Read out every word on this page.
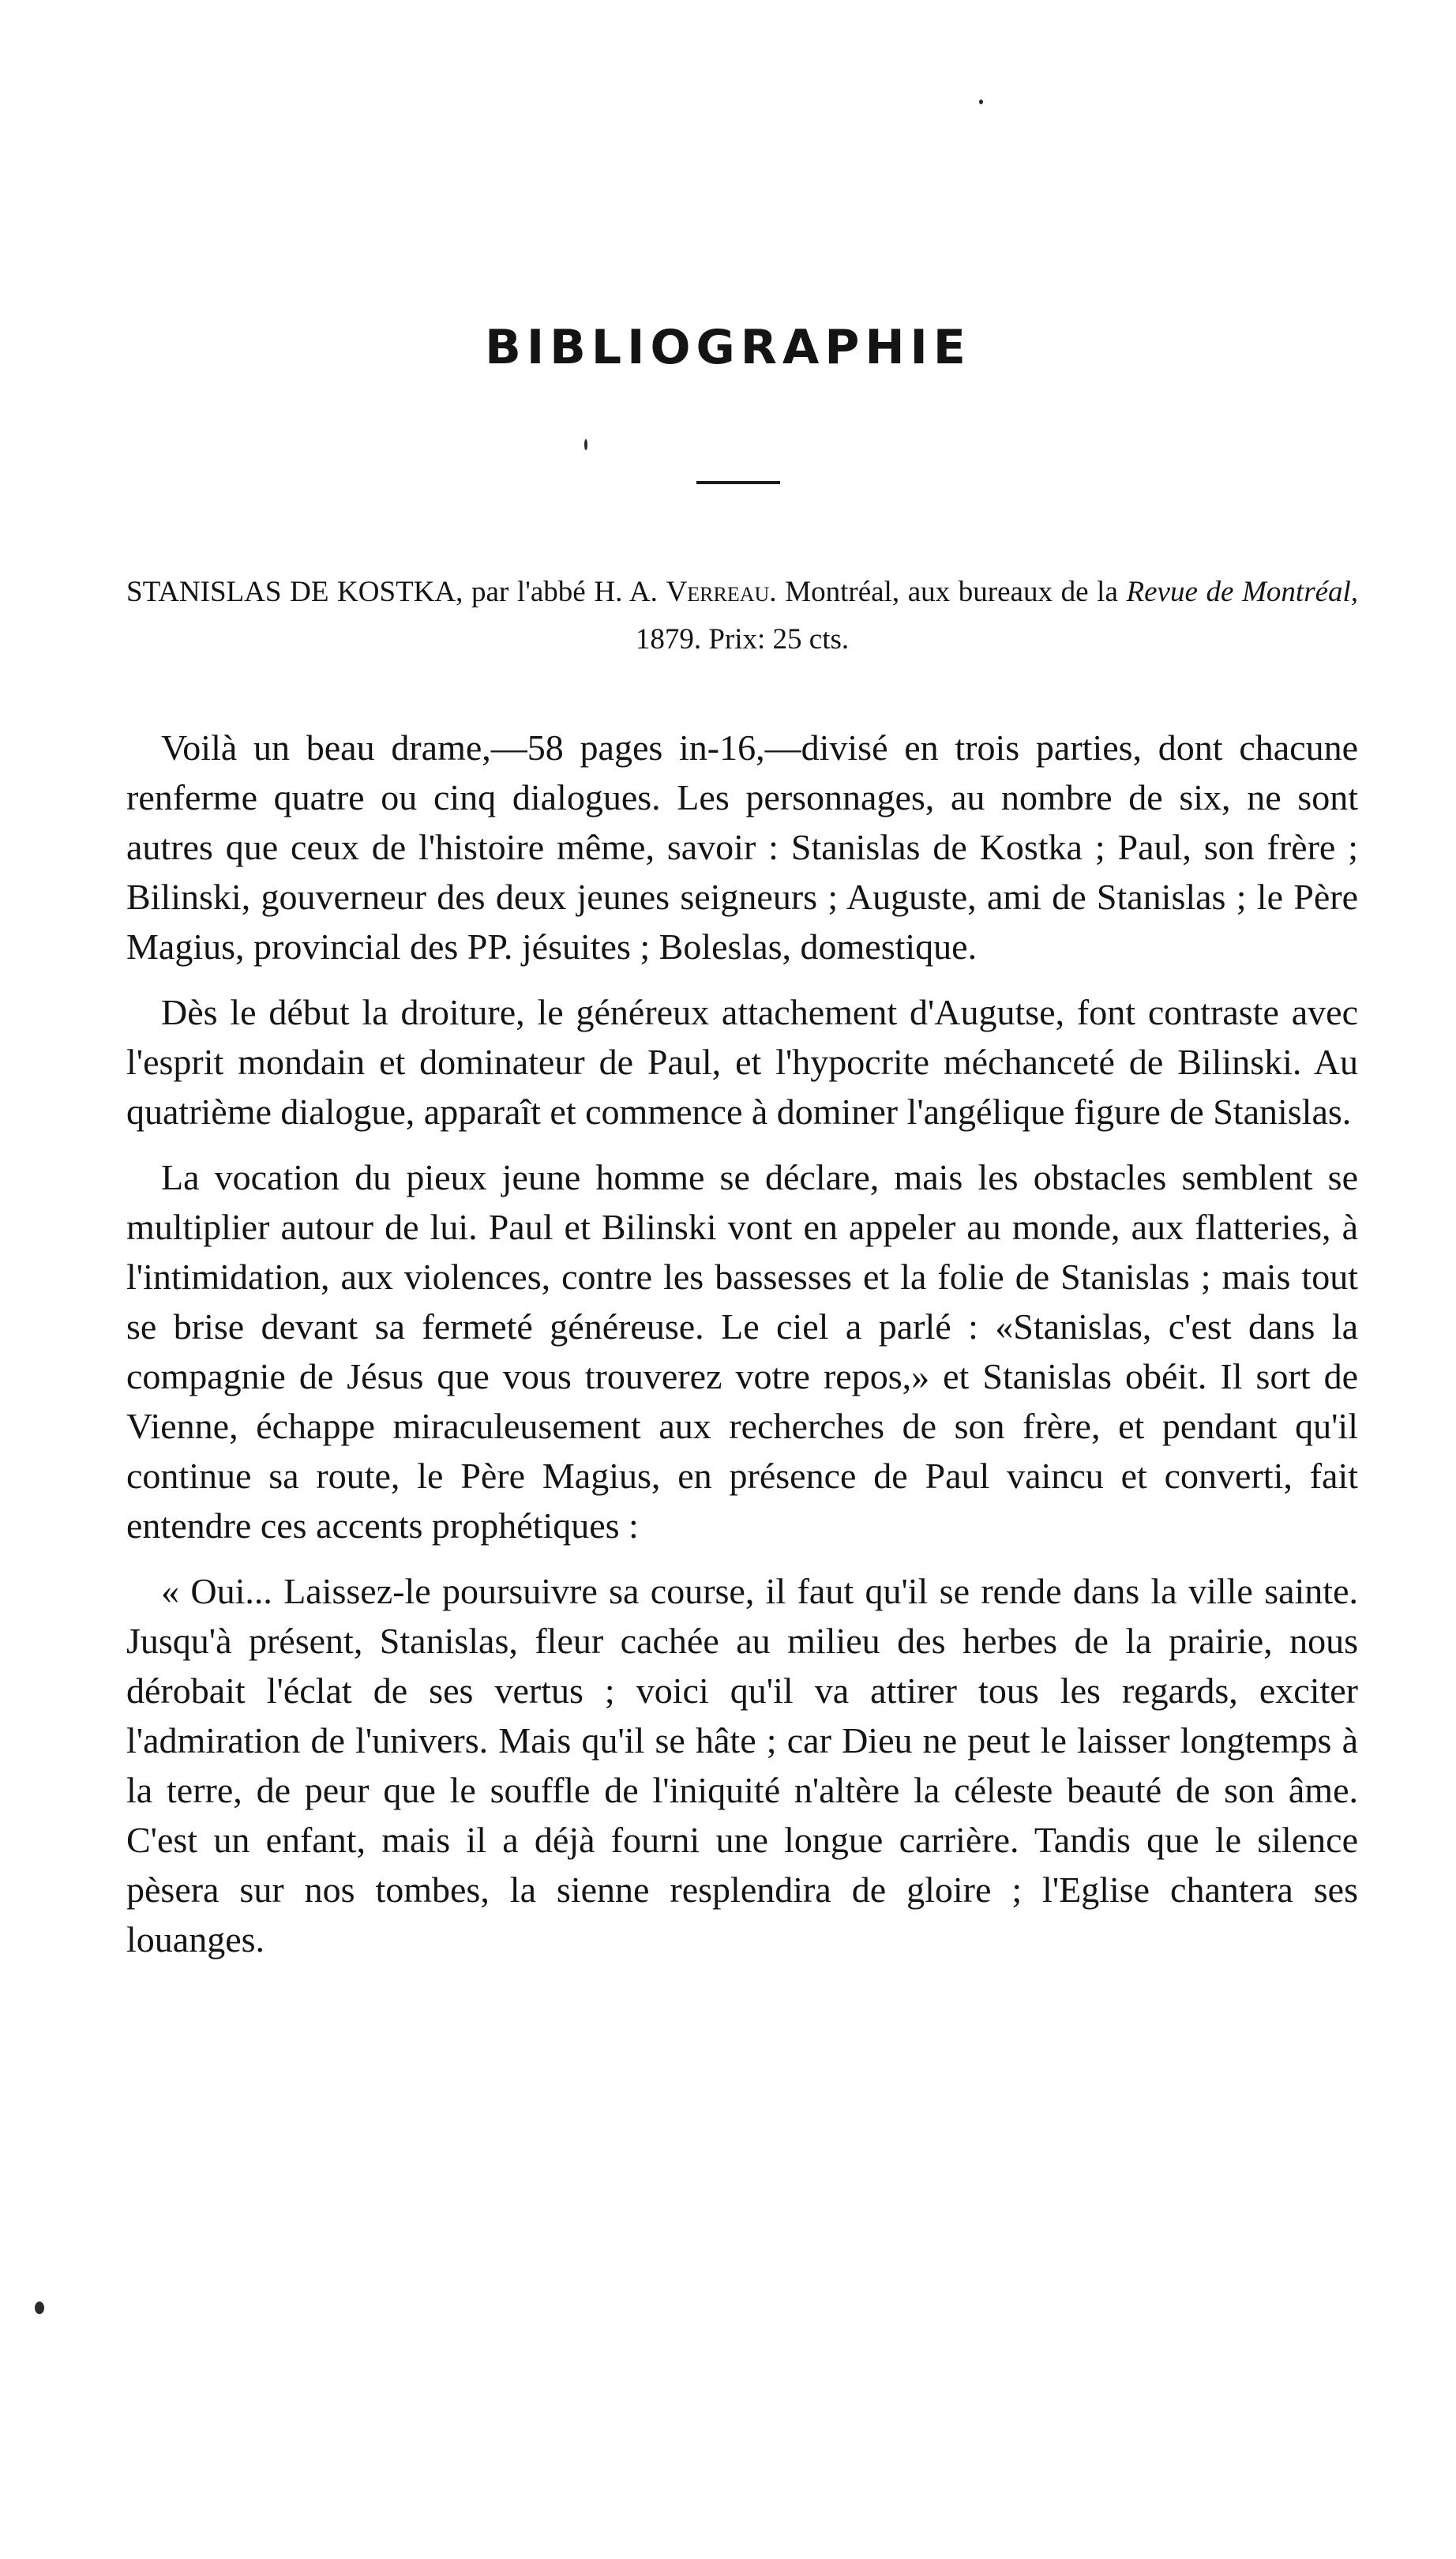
BIBLIOGRAPHIE

STANISLAS DE KOSTKA, par l'abbé H. A. Verreau. Montréal, aux bureaux de la Revue de Montréal, 1879. Prix: 25 cts.

Voilà un beau drame,—58 pages in-16,—divisé en trois parties, dont chacune renferme quatre ou cinq dialogues. Les personnages, au nombre de six, ne sont autres que ceux de l'histoire même, savoir : Stanislas de Kostka ; Paul, son frère ; Bilinski, gouverneur des deux jeunes seigneurs ; Auguste, ami de Stanislas ; le Père Magius, provincial des PP. jésuites ; Boleslas, domestique.

Dès le début la droiture, le généreux attachement d'Augutse, font contraste avec l'esprit mondain et dominateur de Paul, et l'hypocrite méchanceté de Bilinski. Au quatrième dialogue, apparaît et commence à dominer l'angélique figure de Stanislas.

La vocation du pieux jeune homme se déclare, mais les obstacles semblent se multiplier autour de lui. Paul et Bilinski vont en appeler au monde, aux flatteries, à l'intimidation, aux violences, contre les bassesses et la folie de Stanislas ; mais tout se brise devant sa fermeté généreuse. Le ciel a parlé : «Stanislas, c'est dans la compagnie de Jésus que vous trouverez votre repos,» et Stanislas obéit. Il sort de Vienne, échappe miraculeusement aux recherches de son frère, et pendant qu'il continue sa route, le Père Magius, en présence de Paul vaincu et converti, fait entendre ces accents prophétiques :

« Oui... Laissez-le poursuivre sa course, il faut qu'il se rende dans la ville sainte. Jusqu'à présent, Stanislas, fleur cachée au milieu des herbes de la prairie, nous dérobait l'éclat de ses vertus ; voici qu'il va attirer tous les regards, exciter l'admiration de l'univers. Mais qu'il se hâte ; car Dieu ne peut le laisser longtemps à la terre, de peur que le souffle de l'iniquité n'altère la céleste beauté de son âme. C'est un enfant, mais il a déjà fourni une longue carrière. Tandis que le silence pèsera sur nos tombes, la sienne resplendira de gloire ; l'Eglise chantera ses louanges.
